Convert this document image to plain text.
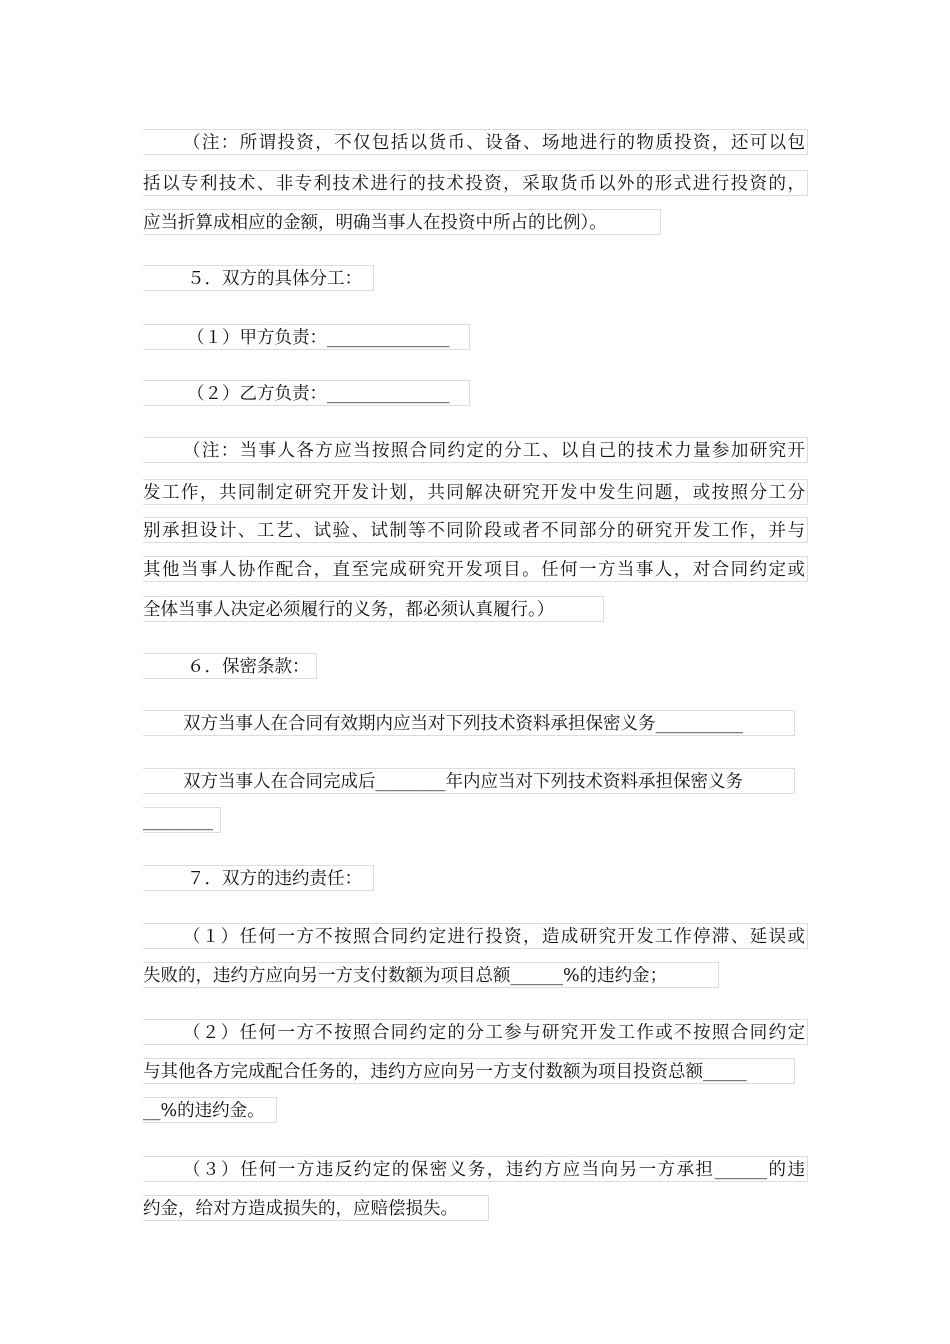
（注：所谓投资，不仅包括以货币、设备、场地进行的物质投资，还可以包
括以专利技术、非专利技术进行的技术投资，采取货币以外的形式进行投资的，
应当折算成相应的金额，明确当事人在投资中所占的比例）。
５．双方的具体分工：
（１）甲方负责：______________
（２）乙方负责：______________
（注：当事人各方应当按照合同约定的分工、以自己的技术力量参加研究开
发工作，共同制定研究开发计划，共同解决研究开发中发生问题，或按照分工分
别承担设计、工艺、试验、试制等不同阶段或者不同部分的研究开发工作，并与
其他当事人协作配合，直至完成研究开发项目。任何一方当事人，对合同约定或
全体当事人决定必须履行的义务，都必须认真履行。）
６．保密条款：
双方当事人在合同有效期内应当对下列技术资料承担保密义务__________
双方当事人在合同完成后________年内应当对下列技术资料承担保密义务
________
７．双方的违约责任：
（１）任何一方不按照合同约定进行投资，造成研究开发工作停滞、延误或
失败的，违约方应向另一方支付数额为项目总额______%的违约金；
（２）任何一方不按照合同约定的分工参与研究开发工作或不按照合同约定
与其他各方完成配合任务的，违约方应向另一方支付数额为项目投资总额_____
__%的违约金。
（３）任何一方违反约定的保密义务，违约方应当向另一方承担______的违
约金，给对方造成损失的，应赔偿损失。
